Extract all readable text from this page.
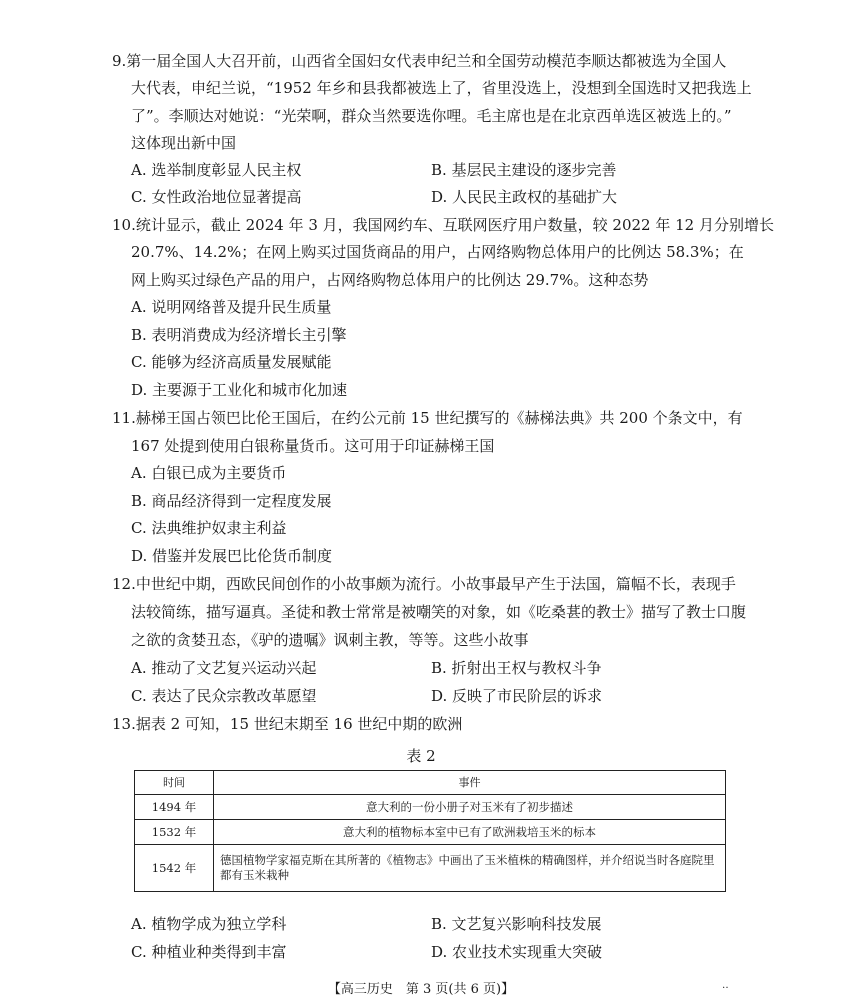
9.第一届全国人大召开前，山西省全国妇女代表申纪兰和全国劳动模范李顺达都被选为全国人
大代表，申纪兰说，“1952 年乡和县我都被选上了，省里没选上，没想到全国选时又把我选上
了”。李顺达对她说：“光荣啊，群众当然要选你哩。毛主席也是在北京西单选区被选上的。”
这体现出新中国
A. 选举制度彰显人民主权	B. 基层民主建设的逐步完善
C. 女性政治地位显著提高	D. 人民民主政权的基础扩大
10.统计显示，截止 2024 年 3 月，我国网约车、互联网医疗用户数量，较 2022 年 12 月分别增长
20.7%、14.2%；在网上购买过国货商品的用户，占网络购物总体用户的比例达 58.3%；在
网上购买过绿色产品的用户，占网络购物总体用户的比例达 29.7%。这种态势
A. 说明网络普及提升民生质量
B. 表明消费成为经济增长主引擎
C. 能够为经济高质量发展赋能
D. 主要源于工业化和城市化加速
11.赫梯王国占领巴比伦王国后，在约公元前 15 世纪撰写的《赫梯法典》共 200 个条文中，有
167 处提到使用白银称量货币。这可用于印证赫梯王国
A. 白银已成为主要货币
B. 商品经济得到一定程度发展
C. 法典维护奴隶主利益
D. 借鉴并发展巴比伦货币制度
12.中世纪中期，西欧民间创作的小故事颇为流行。小故事最早产生于法国，篇幅不长，表现手
法较简练，描写逼真。圣徒和教士常常是被嘲笑的对象，如《吃桑葚的教士》描写了教士口腹
之欲的贪婪丑态，《驴的遗嘱》讽刺主教，等等。这些小故事
A. 推动了文艺复兴运动兴起	B. 折射出王权与教权斗争
C. 表达了民众宗教改革愿望	D. 反映了市民阶层的诉求
13.据表 2 可知，15 世纪末期至 16 世纪中期的欧洲
表 2
时间	事件
1494 年	意大利的一份小册子对玉米有了初步描述
1532 年	意大利的植物标本室中已有了欧洲栽培玉米的标本
1542 年	德国植物学家福克斯在其所著的《植物志》中画出了玉米植株的精确图样，并介绍说当时各庭院里都有玉米栽种
A. 植物学成为独立学科	B. 文艺复兴影响科技发展
C. 种植业种类得到丰富	D. 农业技术实现重大突破
【高三历史　第 3 页(共 6 页)】	‥
